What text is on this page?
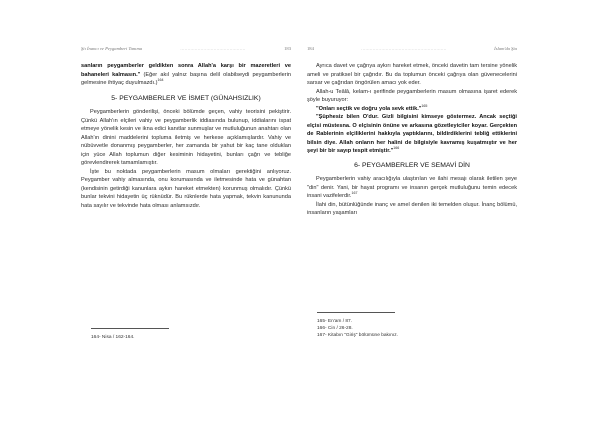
Şiı İnancı ve Peygamberi Tanıma	.............................................	183

sanların peygamberler geldikten sonra Allah'a karşı bir mazeretleri ve bahaneleri kalmasın." (Eğer akıl yalnız başına delil olabilseydi peygamberlerin gelmesine ihtiyaç duyulmazdı.)$^{164}$

5- PEYGAMBERLER VE İSMET (GÜNAHSIZLIK)

Peygamberlerin gönderilişi, önceki bölümde geçen, vahiy teorisini pekiştirir. Çünkü Allah'ın elçileri vahiy ve peygamberlik iddiasında bulunup, iddialarını ispat etmeye yönelik kesin ve ikna edici kanıtlar sunmuşlar ve mutluluğunun anahtarı olan Allah'ın dinini maddelerini topluma iletmiş ve herkese açıklamışlardır. Vahiy ve nübüvvetle donanmış peygamberler, her zamanda bir yahut bir kaç tane olduklan için yüce Allah toplumun diğer kesiminin hidayetini, bunları çağrı ve tebliğe görevlendirerek tamamlamıştır.

İşte bu noktada peygamberlerin masum olmaları gerektiğini anlıyoruz. Peygamber vahiy almasında, onu korumasında ve iletmesinde hata ve günahtan (kendisinin getirdiği kanunlara aykırı hareket etmekten) korunmuş olmalıdır. Çünkü bunlar tekvini hidayetin üç rüknüdür. Bu rüknlerde hata yapmak, tekvin kanununda hata sayılır ve tekvinde hata olması anlamsızdır.

164- Nisa / 162-164.
184	...........................................................	İslam'da Şia

Ayrıca davet ve çağrıya aykırı hareket etmek, önceki davetin tam tersine yönelik ameli ve pratiksel bir çağrıdır. Bu da toplumun önceki çağrıya olan güvenecelerini sarsar ve çağrıdan öngörülen amacı yok eder.

Allah-u Teâlâ, kelam-ı şerifinde peygamberlerin masum olmasına işaret ederek şöyle buyuruyor:

"Onları seçtik ve doğru yola sevk ettik."$^{165}$

"Şüphesiz bilen O'dur. Gizli bilgisini kimseye göstermez. Ancak seçtiği elçisi müstesna. O elçisinin önüne ve arkasına gözetleyiciler koyar. Gerçekten de Rablerinin elçiliklerini hakkıyla yaptıklarını, bildirdiklerini tebliğ ettiklerini bilsin diye. Allah onların her halini de bilgisiyle kavramış kuşatmıştır ve her şeyi bir bir sayıp tespit etmiştir."$^{166}$

6- PEYGAMBERLER VE SEMAVİ DİN

Peygamberlerin vahiy aracılığıyla ulaştırılan ve ilahi mesajı olarak iletilen şeye "din" denir. Yani, bir hayat programı ve insanın gerçek mutluluğunu temin edecek insani vazifelerdir.$^{167}$

İlahi din, bütünlüğünde inanç ve amel denilen iki temelden oluşur. İnanç bölümü, insanların yaşamları

165- En'am / 87.
166- Cin / 26-28.
167- Kitabın "Giriş" bölümüne bakınız.
